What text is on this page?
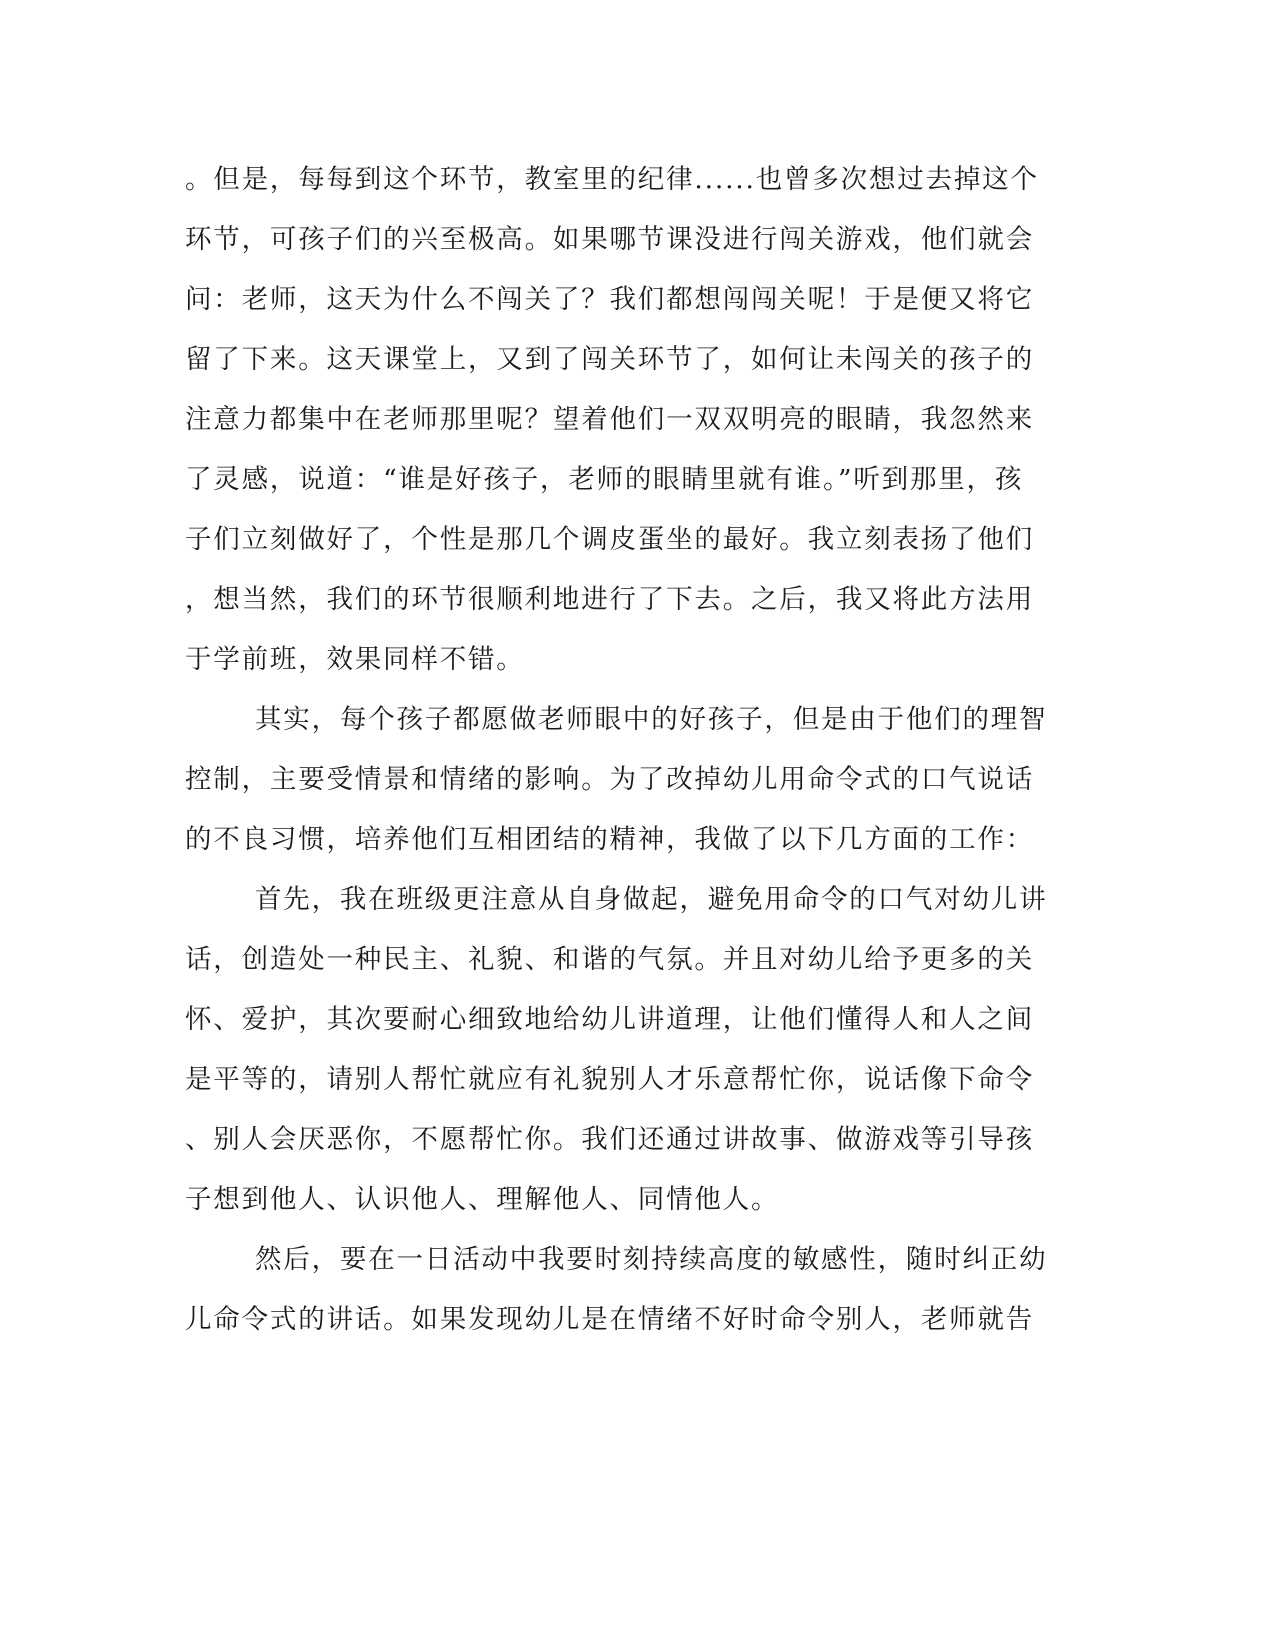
。但是，每每到这个环节，教室里的纪律......也曾多次想过去掉这个
环节，可孩子们的兴至极高。如果哪节课没进行闯关游戏，他们就会
问：老师，这天为什么不闯关了？我们都想闯闯关呢！于是便又将它
留了下来。这天课堂上，又到了闯关环节了，如何让未闯关的孩子的
注意力都集中在老师那里呢？望着他们一双双明亮的眼睛，我忽然来
了灵感，说道：“谁是好孩子，老师的眼睛里就有谁。”听到那里，孩
子们立刻做好了，个性是那几个调皮蛋坐的最好。我立刻表扬了他们
，想当然，我们的环节很顺利地进行了下去。之后，我又将此方法用
于学前班，效果同样不错。
其实，每个孩子都愿做老师眼中的好孩子，但是由于他们的理智
控制，主要受情景和情绪的影响。为了改掉幼儿用命令式的口气说话
的不良习惯，培养他们互相团结的精神，我做了以下几方面的工作：
首先，我在班级更注意从自身做起，避免用命令的口气对幼儿讲
话，创造处一种民主、礼貌、和谐的气氛。并且对幼儿给予更多的关
怀、爱护，其次要耐心细致地给幼儿讲道理，让他们懂得人和人之间
是平等的，请别人帮忙就应有礼貌别人才乐意帮忙你，说话像下命令
、别人会厌恶你，不愿帮忙你。我们还通过讲故事、做游戏等引导孩
子想到他人、认识他人、理解他人、同情他人。
然后，要在一日活动中我要时刻持续高度的敏感性，随时纠正幼
儿命令式的讲话。如果发现幼儿是在情绪不好时命令别人，老师就告
